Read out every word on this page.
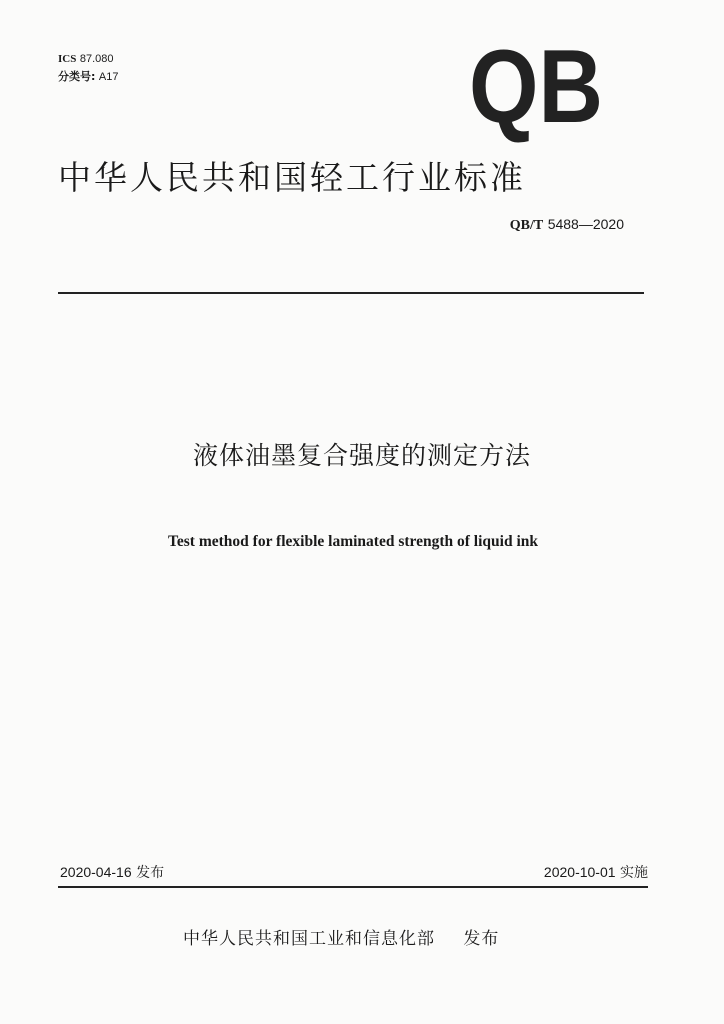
ICS 87.080
分类号: A17	QB
中华人民共和国轻工行业标准
QB/T 5488—2020
液体油墨复合强度的测定方法
Test method for flexible laminated strength of liquid ink
2020-04-16 发布	2020-10-01 实施
中华人民共和国工业和信息化部 发布
